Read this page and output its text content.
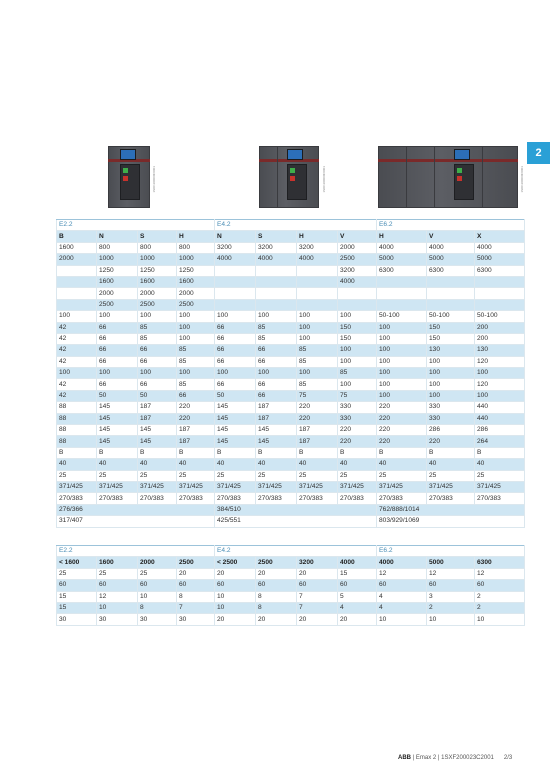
2
1SDC200000F0001	1SDC200000F0001	1SDC200000F0001
E2.2				E4.2				E6.2		
B	N	S	H	N	S	H	V	H	V	X
1600	800	800	800	3200	3200	3200	2000	4000	4000	4000
2000	1000	1000	1000	4000	4000	4000	2500	5000	5000	5000
	1250	1250	1250				3200	6300	6300	6300
	1600	1600	1600				4000			
	2000	2000	2000							
	2500	2500	2500							
100	100	100	100	100	100	100	100	50-100	50-100	50-100
42	66	85	100	66	85	100	150	100	150	200
42	66	85	100	66	85	100	150	100	150	200
42	66	66	85	66	66	85	100	100	130	130
42	66	66	85	66	66	85	100	100	100	120
100	100	100	100	100	100	100	85	100	100	100
42	66	66	85	66	66	85	100	100	100	120
42	50	50	66	50	66	75	75	100	100	100
88	145	187	220	145	187	220	330	220	330	440
88	145	187	220	145	187	220	330	220	330	440
88	145	145	187	145	145	187	220	220	286	286
88	145	145	187	145	145	187	220	220	220	264
B	B	B	B	B	B	B	B	B	B	B
40	40	40	40	40	40	40	40	40	40	40
25	25	25	25	25	25	25	25	25	25	25
371/425	371/425	371/425	371/425	371/425	371/425	371/425	371/425	371/425	371/425	371/425
270/383	270/383	270/383	270/383	270/383	270/383	270/383	270/383	270/383	270/383	270/383
276/366				384/510				762/888/1014		
317/407				425/551				803/929/1069		
E2.2				E4.2				E6.2		
< 1600	1600	2000	2500	< 2500	2500	3200	4000	4000	5000	6300
25	25	25	20	20	20	20	15	12	12	12
60	60	60	60	60	60	60	60	60	60	60
15	12	10	8	10	8	7	5	4	3	2
15	10	8	7	10	8	7	4	4	2	2
30	30	30	30	20	20	20	20	10	10	10
ABB | Emax 2 | 1SXF200023C2001 2/3
